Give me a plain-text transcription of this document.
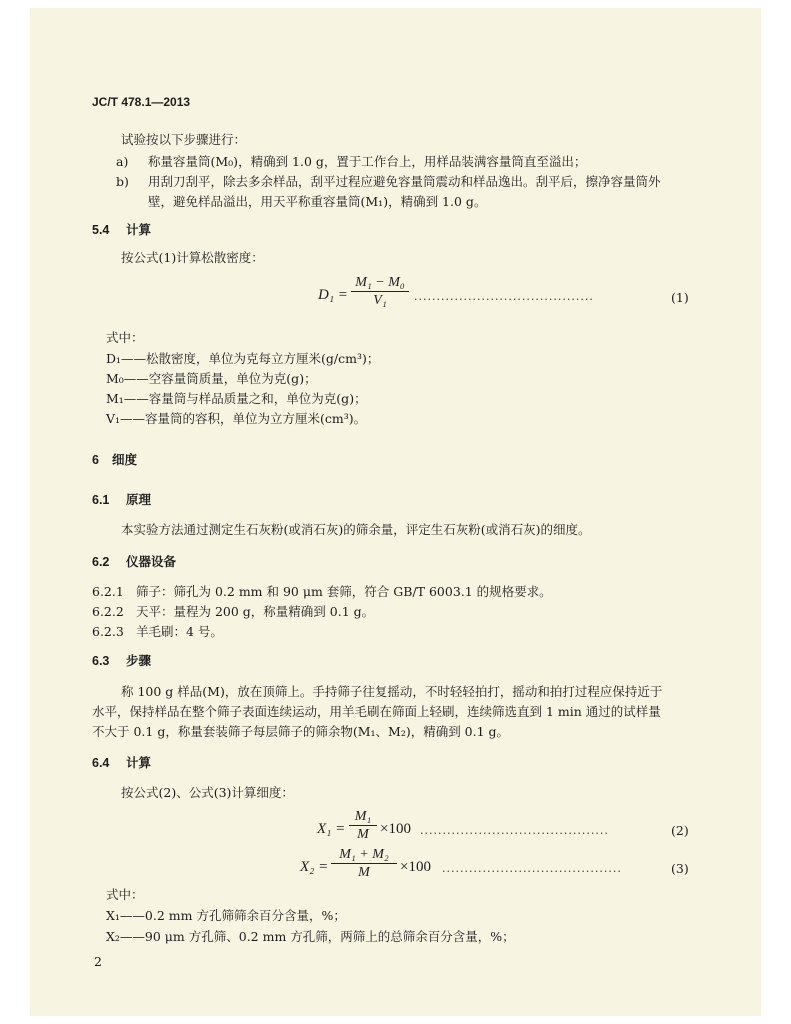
JC/T 478.1—2013
试验按以下步骤进行：
a) 称量容量筒(M₀)，精确到 1.0 g，置于工作台上，用样品装满容量筒直至溢出；
b) 用刮刀刮平，除去多余样品，刮平过程应避免容量筒震动和样品逸出。刮平后，擦净容量筒外
壁，避免样品溢出，用天平称重容量筒(M₁)，精确到 1.0 g。
5.4 计算
按公式(1)计算松散密度：
D₁ =
M₁ − M₀
V₁	........................................	(1)
式中：
D₁——松散密度，单位为克每立方厘米(g/cm³)；
M₀——空容量筒质量，单位为克(g)；
M₁——容量筒与样品质量之和，单位为克(g)；
V₁——容量筒的容积，单位为立方厘米(cm³)。
6 细度
6.1 原理
本实验方法通过测定生石灰粉(或消石灰)的筛余量，评定生石灰粉(或消石灰)的细度。
6.2 仪器设备
6.2.1 筛子：筛孔为 0.2 mm 和 90 μm 套筛，符合 GB/T 6003.1 的规格要求。
6.2.2 天平：量程为 200 g，称量精确到 0.1 g。
6.2.3 羊毛刷：4 号。
6.3 步骤
称 100 g 样品(M)，放在顶筛上。手持筛子往复摇动，不时轻轻拍打，摇动和拍打过程应保持近于
水平，保持样品在整个筛子表面连续运动，用羊毛刷在筛面上轻刷，连续筛选直到 1 min 通过的试样量
不大于 0.1 g，称量套装筛子每层筛子的筛余物(M₁、M₂)，精确到 0.1 g。
6.4 计算
按公式(2)、公式(3)计算细度：
X₁ =
M₁
M ×100 ..........................................	(2)
X₂ =
M₁ + M₂
M	×100 ........................................	(3)
式中：
X₁——0.2 mm 方孔筛筛余百分含量，%；
X₂——90 μm 方孔筛、0.2 mm 方孔筛，两筛上的总筛余百分含量，%；
2
